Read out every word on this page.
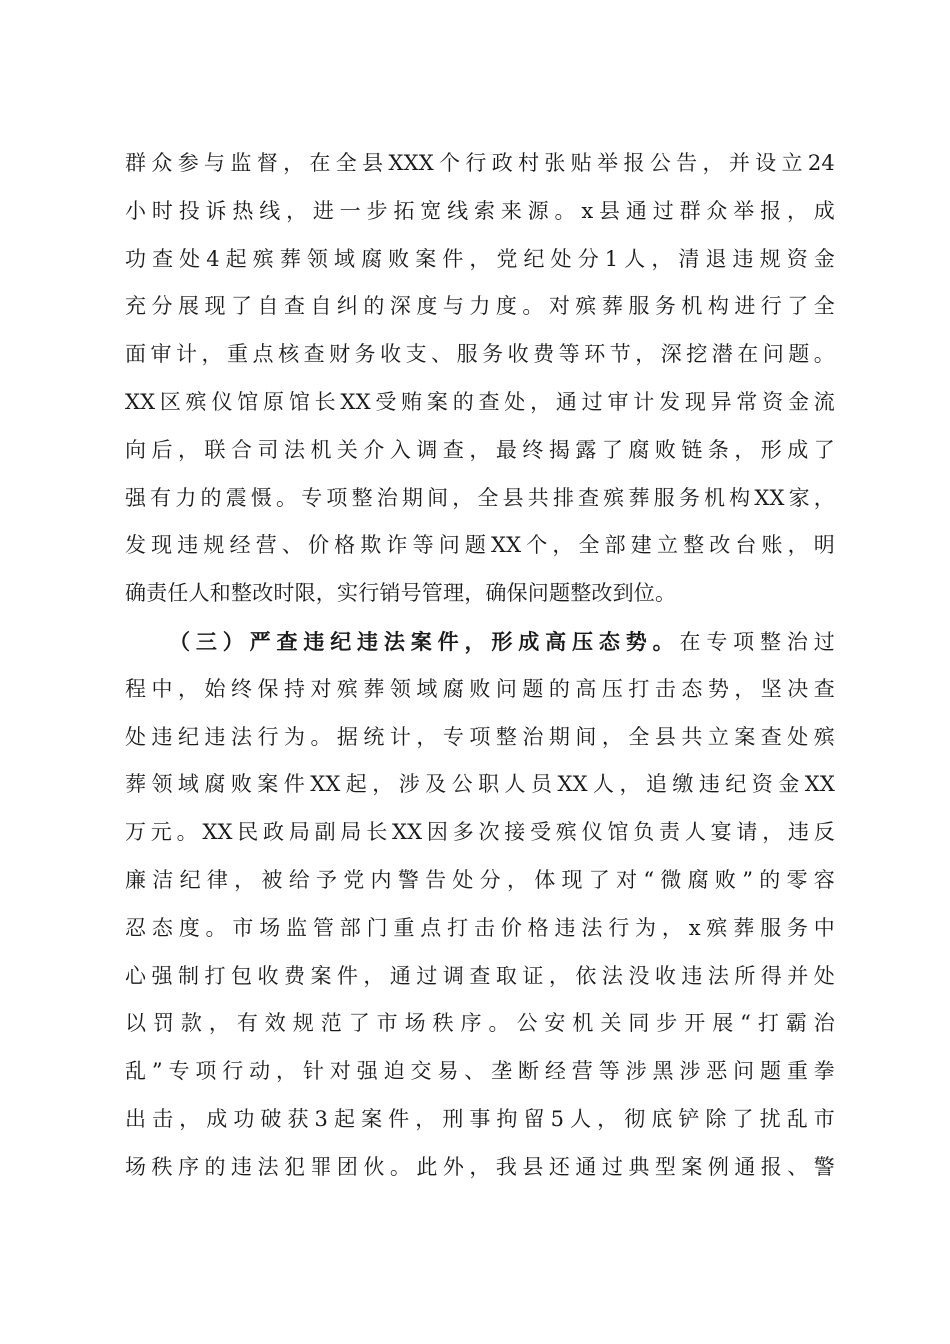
群众参与监督，在全县XXX个行政村张贴举报公告，并设立24
小时投诉热线，进一步拓宽线索来源。x县通过群众举报，成
功查处4起殡葬领域腐败案件，党纪处分1人，清退违规资金
充分展现了自查自纠的深度与力度。对殡葬服务机构进行了全
面审计，重点核查财务收支、服务收费等环节，深挖潜在问题。
XX区殡仪馆原馆长XX受贿案的查处，通过审计发现异常资金流
向后，联合司法机关介入调查，最终揭露了腐败链条，形成了
强有力的震慑。专项整治期间，全县共排查殡葬服务机构XX家，
发现违规经营、价格欺诈等问题XX个，全部建立整改台账，明
确责任人和整改时限，实行销号管理，确保问题整改到位。
（三）严查违纪违法案件，形成高压态势。在专项整治过
程中，始终保持对殡葬领域腐败问题的高压打击态势，坚决查
处违纪违法行为。据统计，专项整治期间，全县共立案查处殡
葬领域腐败案件XX起，涉及公职人员XX人，追缴违纪资金XX
万元。XX民政局副局长XX因多次接受殡仪馆负责人宴请，违反
廉洁纪律，被给予党内警告处分，体现了对“微腐败”的零容
忍态度。市场监管部门重点打击价格违法行为，x殡葬服务中
心强制打包收费案件，通过调查取证，依法没收违法所得并处
以罚款，有效规范了市场秩序。公安机关同步开展“打霸治
乱”专项行动，针对强迫交易、垄断经营等涉黑涉恶问题重拳
出击，成功破获3起案件，刑事拘留5人，彻底铲除了扰乱市
场秩序的违法犯罪团伙。此外，我县还通过典型案例通报、警
